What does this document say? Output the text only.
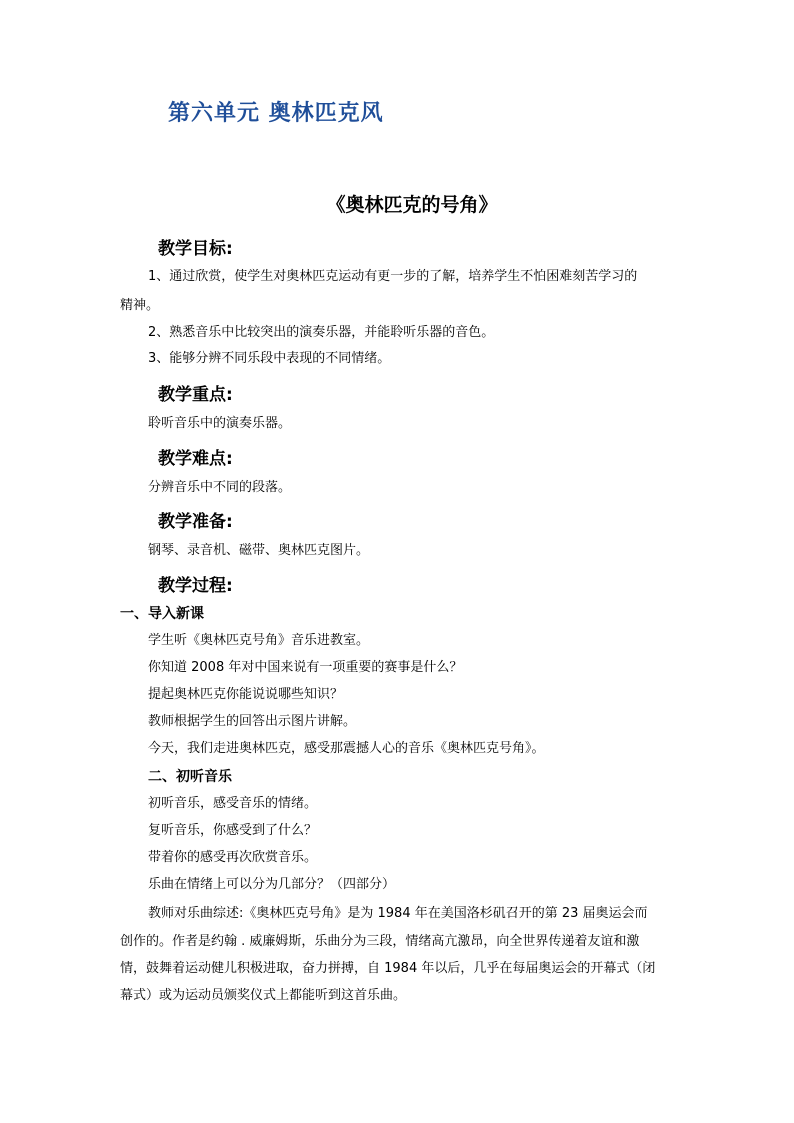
第六单元 奥林匹克风
《奥林匹克的号角》
教学目标:

1、通过欣赏，使学生对奥林匹克运动有更一步的了解，培养学生不怕困难刻苦学习的

精神。

2、熟悉音乐中比较突出的演奏乐器，并能聆听乐器的音色。

3、能够分辨不同乐段中表现的不同情绪。

教学重点:

聆听音乐中的演奏乐器。

教学难点:

分辨音乐中不同的段落。

教学准备:

钢琴、录音机、磁带、奥林匹克图片。

教学过程:
一、导入新课

学生听《奥林匹克号角》音乐进教室。

你知道 2008 年对中国来说有一项重要的赛事是什么？

提起奥林匹克你能说说哪些知识？

教师根据学生的回答出示图片讲解。

今天，我们走进奥林匹克，感受那震撼人心的音乐《奥林匹克号角》。

二、初听音乐

初听音乐，感受音乐的情绪。

复听音乐，你感受到了什么？

带着你的感受再次欣赏音乐。

乐曲在情绪上可以分为几部分？（四部分）

教师对乐曲综述:《奥林匹克号角》是为 1984 年在美国洛杉矶召开的第 23 届奥运会而

创作的。作者是约翰 . 威廉姆斯，乐曲分为三段，情绪高亢激昂，向全世界传递着友谊和激

情，鼓舞着运动健儿积极进取，奋力拼搏，自 1984 年以后，几乎在每届奥运会的开幕式（闭

幕式）或为运动员颁奖仪式上都能听到这首乐曲。
